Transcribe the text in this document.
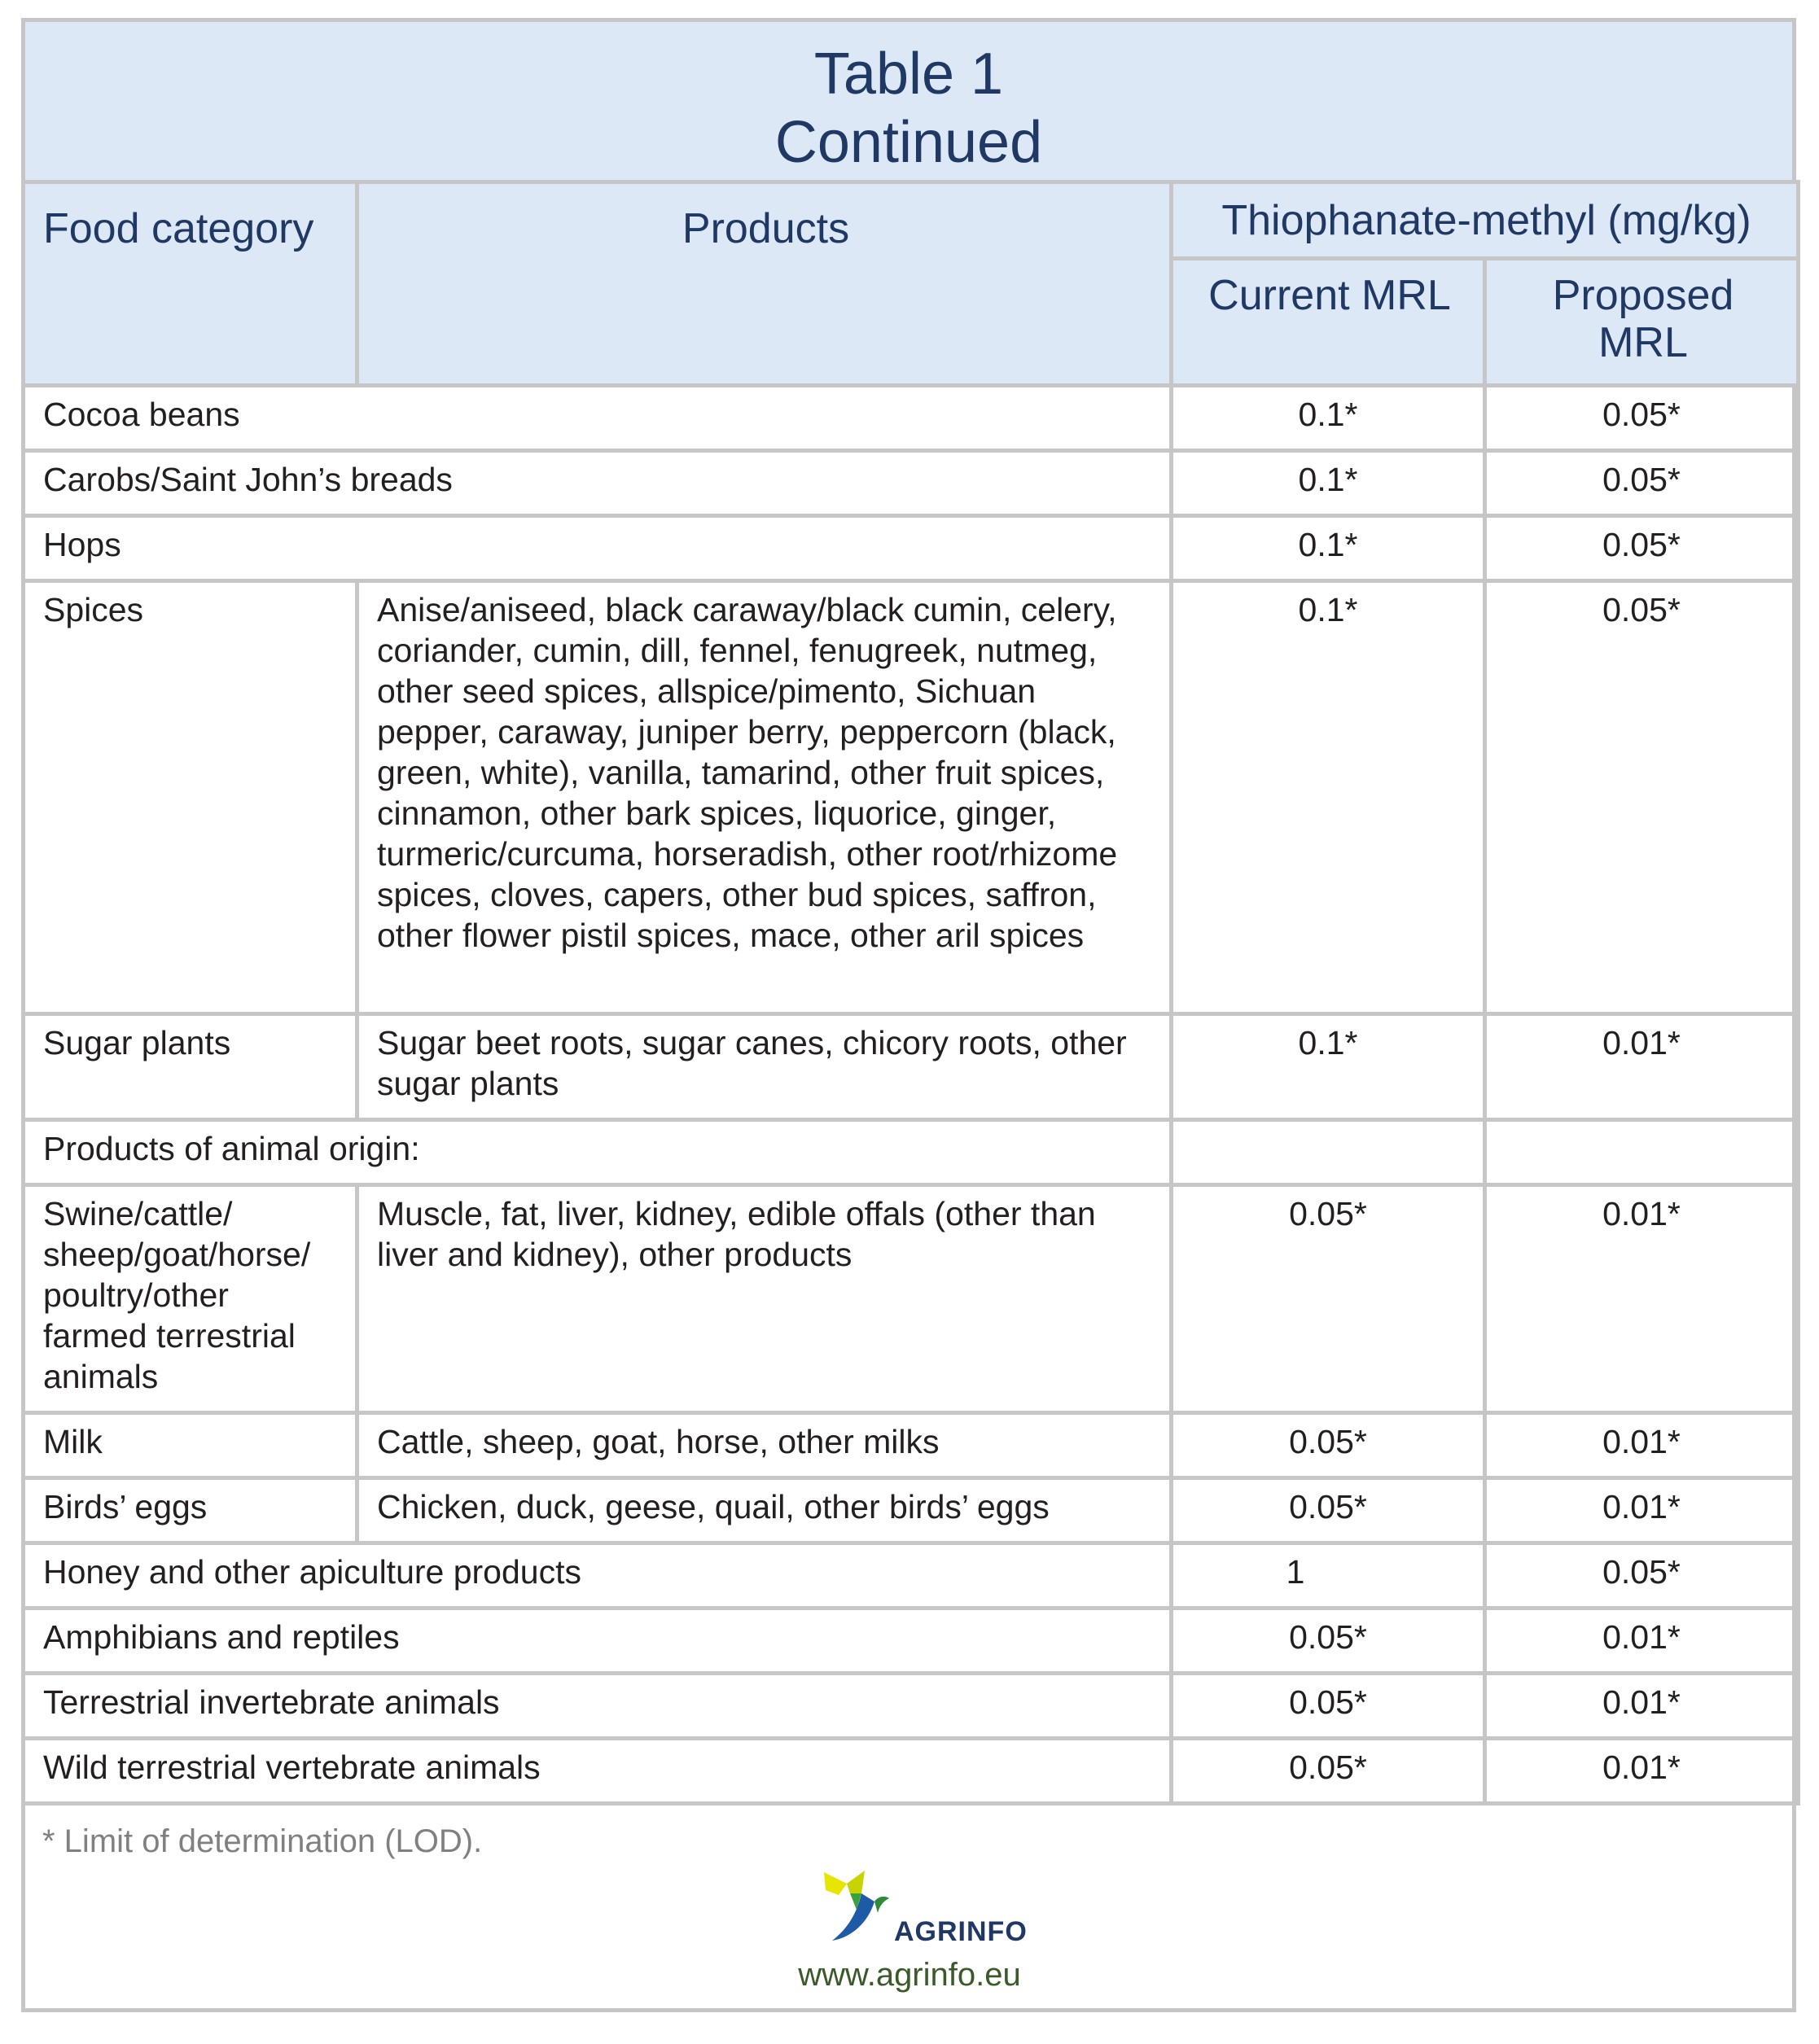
Table 1
Continued
Food category	Products	Thiophanate-methyl (mg/kg)	
		Current MRL	Proposed MRL
Cocoa beans		0.1*	0.05*
Carobs/Saint John’s breads		0.1*	0.05*
Hops		0.1*	0.05*
Spices	Anise/aniseed, black caraway/black cumin, celery, coriander, cumin, dill, fennel, fenugreek, nutmeg, other seed spices, allspice/pimento, Sichuan pepper, caraway, juniper berry, peppercorn (black, green, white), vanilla, tamarind, other fruit spices, cinnamon, other bark spices, liquorice, ginger, turmeric/curcuma, horseradish, other root/rhizome spices, cloves, capers, other bud spices, saffron, other flower pistil spices, mace, other aril spices	0.1*	0.05*
Sugar plants	Sugar beet roots, sugar canes, chicory roots, other sugar plants	0.1*	0.01*
Products of animal origin:			
Swine/cattle/ sheep/goat/horse/ poultry/other farmed terrestrial animals	Muscle, fat, liver, kidney, edible offals (other than liver and kidney), other products	0.05*	0.01*
Milk	Cattle, sheep, goat, horse, other milks	0.05*	0.01*
Birds’ eggs	Chicken, duck, geese, quail, other birds’ eggs	0.05*	0.01*
Honey and other apiculture products		1	0.05*
Amphibians and reptiles		0.05*	0.01*
Terrestrial invertebrate animals		0.05*	0.01*
Wild terrestrial vertebrate animals		0.05*	0.01*
* Limit of determination (LOD).
AGRINFO
www.agrinfo.eu
